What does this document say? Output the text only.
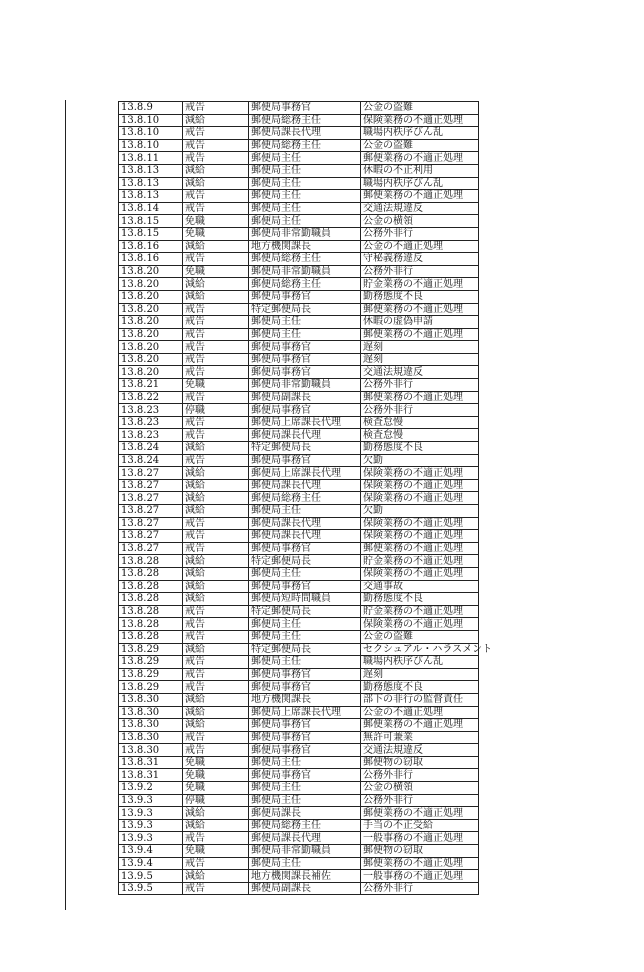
13.8.9	戒告	郵便局事務官	公金の盗難
13.8.10	減給	郵便局総務主任	保険業務の不適正処理
13.8.10	戒告	郵便局課長代理	職場内秩序びん乱
13.8.10	戒告	郵便局総務主任	公金の盗難
13.8.11	戒告	郵便局主任	郵便業務の不適正処理
13.8.13	減給	郵便局主任	休暇の不正利用
13.8.13	減給	郵便局主任	職場内秩序びん乱
13.8.13	戒告	郵便局主任	郵便業務の不適正処理
13.8.14	戒告	郵便局主任	交通法規違反
13.8.15	免職	郵便局主任	公金の横領
13.8.15	免職	郵便局非常勤職員	公務外非行
13.8.16	減給	地方機関課長	公金の不適正処理
13.8.16	戒告	郵便局総務主任	守秘義務違反
13.8.20	免職	郵便局非常勤職員	公務外非行
13.8.20	減給	郵便局総務主任	貯金業務の不適正処理
13.8.20	減給	郵便局事務官	勤務態度不良
13.8.20	戒告	特定郵便局長	郵便業務の不適正処理
13.8.20	戒告	郵便局主任	休暇の虚偽申請
13.8.20	戒告	郵便局主任	郵便業務の不適正処理
13.8.20	戒告	郵便局事務官	遅刻
13.8.20	戒告	郵便局事務官	遅刻
13.8.20	戒告	郵便局事務官	交通法規違反
13.8.21	免職	郵便局非常勤職員	公務外非行
13.8.22	戒告	郵便局副課長	郵便業務の不適正処理
13.8.23	停職	郵便局事務官	公務外非行
13.8.23	戒告	郵便局上席課長代理	検査怠慢
13.8.23	戒告	郵便局課長代理	検査怠慢
13.8.24	減給	特定郵便局長	勤務態度不良
13.8.24	戒告	郵便局事務官	欠勤
13.8.27	減給	郵便局上席課長代理	保険業務の不適正処理
13.8.27	減給	郵便局課長代理	保険業務の不適正処理
13.8.27	減給	郵便局総務主任	保険業務の不適正処理
13.8.27	減給	郵便局主任	欠勤
13.8.27	戒告	郵便局課長代理	保険業務の不適正処理
13.8.27	戒告	郵便局課長代理	保険業務の不適正処理
13.8.27	戒告	郵便局事務官	郵便業務の不適正処理
13.8.28	減給	特定郵便局長	貯金業務の不適正処理
13.8.28	減給	郵便局主任	保険業務の不適正処理
13.8.28	減給	郵便局事務官	交通事故
13.8.28	減給	郵便局短時間職員	勤務態度不良
13.8.28	戒告	特定郵便局長	貯金業務の不適正処理
13.8.28	戒告	郵便局主任	保険業務の不適正処理
13.8.28	戒告	郵便局主任	公金の盗難
13.8.29	減給	特定郵便局長	セクシュアル・ハラスメント
13.8.29	戒告	郵便局主任	職場内秩序びん乱
13.8.29	戒告	郵便局事務官	遅刻
13.8.29	戒告	郵便局事務官	勤務態度不良
13.8.30	減給	地方機関課長	部下の非行の監督責任
13.8.30	減給	郵便局上席課長代理	公金の不適正処理
13.8.30	減給	郵便局事務官	郵便業務の不適正処理
13.8.30	戒告	郵便局事務官	無許可兼業
13.8.30	戒告	郵便局事務官	交通法規違反
13.8.31	免職	郵便局主任	郵便物の窃取
13.8.31	免職	郵便局事務官	公務外非行
13.9.2	免職	郵便局主任	公金の横領
13.9.3	停職	郵便局主任	公務外非行
13.9.3	減給	郵便局課長	郵便業務の不適正処理
13.9.3	減給	郵便局総務主任	手当の不正受給
13.9.3	戒告	郵便局課長代理	一般事務の不適正処理
13.9.4	免職	郵便局非常勤職員	郵便物の窃取
13.9.4	戒告	郵便局主任	郵便業務の不適正処理
13.9.5	減給	地方機関課長補佐	一般事務の不適正処理
13.9.5	戒告	郵便局副課長	公務外非行
